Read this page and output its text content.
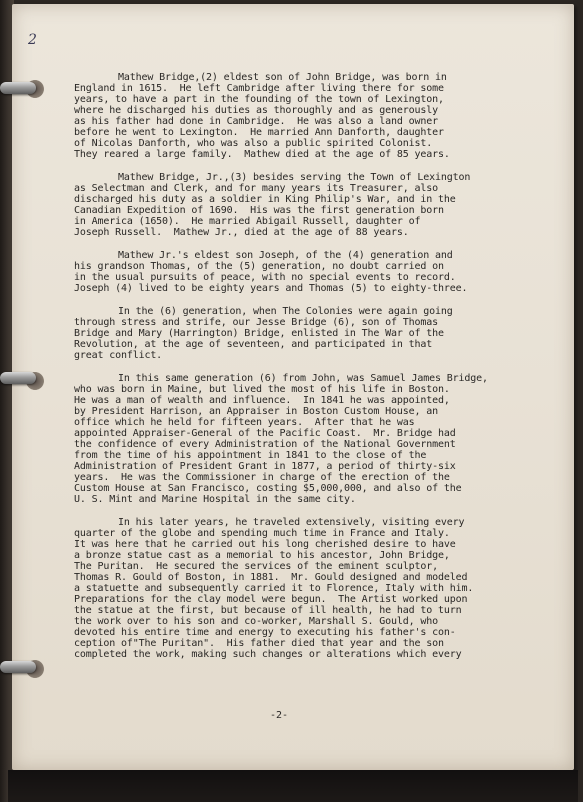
2
Mathew Bridge,(2) eldest son of John Bridge, was born in
England in 1615.  He left Cambridge after living there for some
years, to have a part in the founding of the town of Lexington,
where he discharged his duties as thoroughly and as generously
as his father had done in Cambridge.  He was also a land owner
before he went to Lexington.  He married Ann Danforth, daughter
of Nicolas Danforth, who was also a public spirited Colonist.
They reared a large family.  Mathew died at the age of 85 years.
Mathew Bridge, Jr.,(3) besides serving the Town of Lexington
as Selectman and Clerk, and for many years its Treasurer, also
discharged his duty as a soldier in King Philip's War, and in the
Canadian Expedition of 1690.  His was the first generation born
in America (1650).  He married Abigail Russell, daughter of
Joseph Russell.  Mathew Jr., died at the age of 88 years.
Mathew Jr.'s eldest son Joseph, of the (4) generation and
his grandson Thomas, of the (5) generation, no doubt carried on
in the usual pursuits of peace, with no special events to record.
Joseph (4) lived to be eighty years and Thomas (5) to eighty-three.
In the (6) generation, when The Colonies were again going
through stress and strife, our Jesse Bridge (6), son of Thomas
Bridge and Mary (Harrington) Bridge, enlisted in The War of the
Revolution, at the age of seventeen, and participated in that
great conflict.
In this same generation (6) from John, was Samuel James Bridge,
who was born in Maine, but lived the most of his life in Boston.
He was a man of wealth and influence.  In 1841 he was appointed,
by President Harrison, an Appraiser in Boston Custom House, an
office which he held for fifteen years.  After that he was
appointed Appraiser-General of the Pacific Coast.  Mr. Bridge had
the confidence of every Administration of the National Government
from the time of his appointment in 1841 to the close of the
Administration of President Grant in 1877, a period of thirty-six
years.  He was the Commissioner in charge of the erection of the
Custom House at San Francisco, costing $5,000,000, and also of the
U. S. Mint and Marine Hospital in the same city.
In his later years, he traveled extensively, visiting every
quarter of the globe and spending much time in France and Italy.
It was here that he carried out his long cherished desire to have
a bronze statue cast as a memorial to his ancestor, John Bridge,
The Puritan.  He secured the services of the eminent sculptor,
Thomas R. Gould of Boston, in 1881.  Mr. Gould designed and modeled
a statuette and subsequently carried it to Florence, Italy with him.
Preparations for the clay model were begun.  The Artist worked upon
the statue at the first, but because of ill health, he had to turn
the work over to his son and co-worker, Marshall S. Gould, who
devoted his entire time and energy to executing his father's con-
ception of"The Puritan".  His father died that year and the son
completed the work, making such changes or alterations which every
-2-
